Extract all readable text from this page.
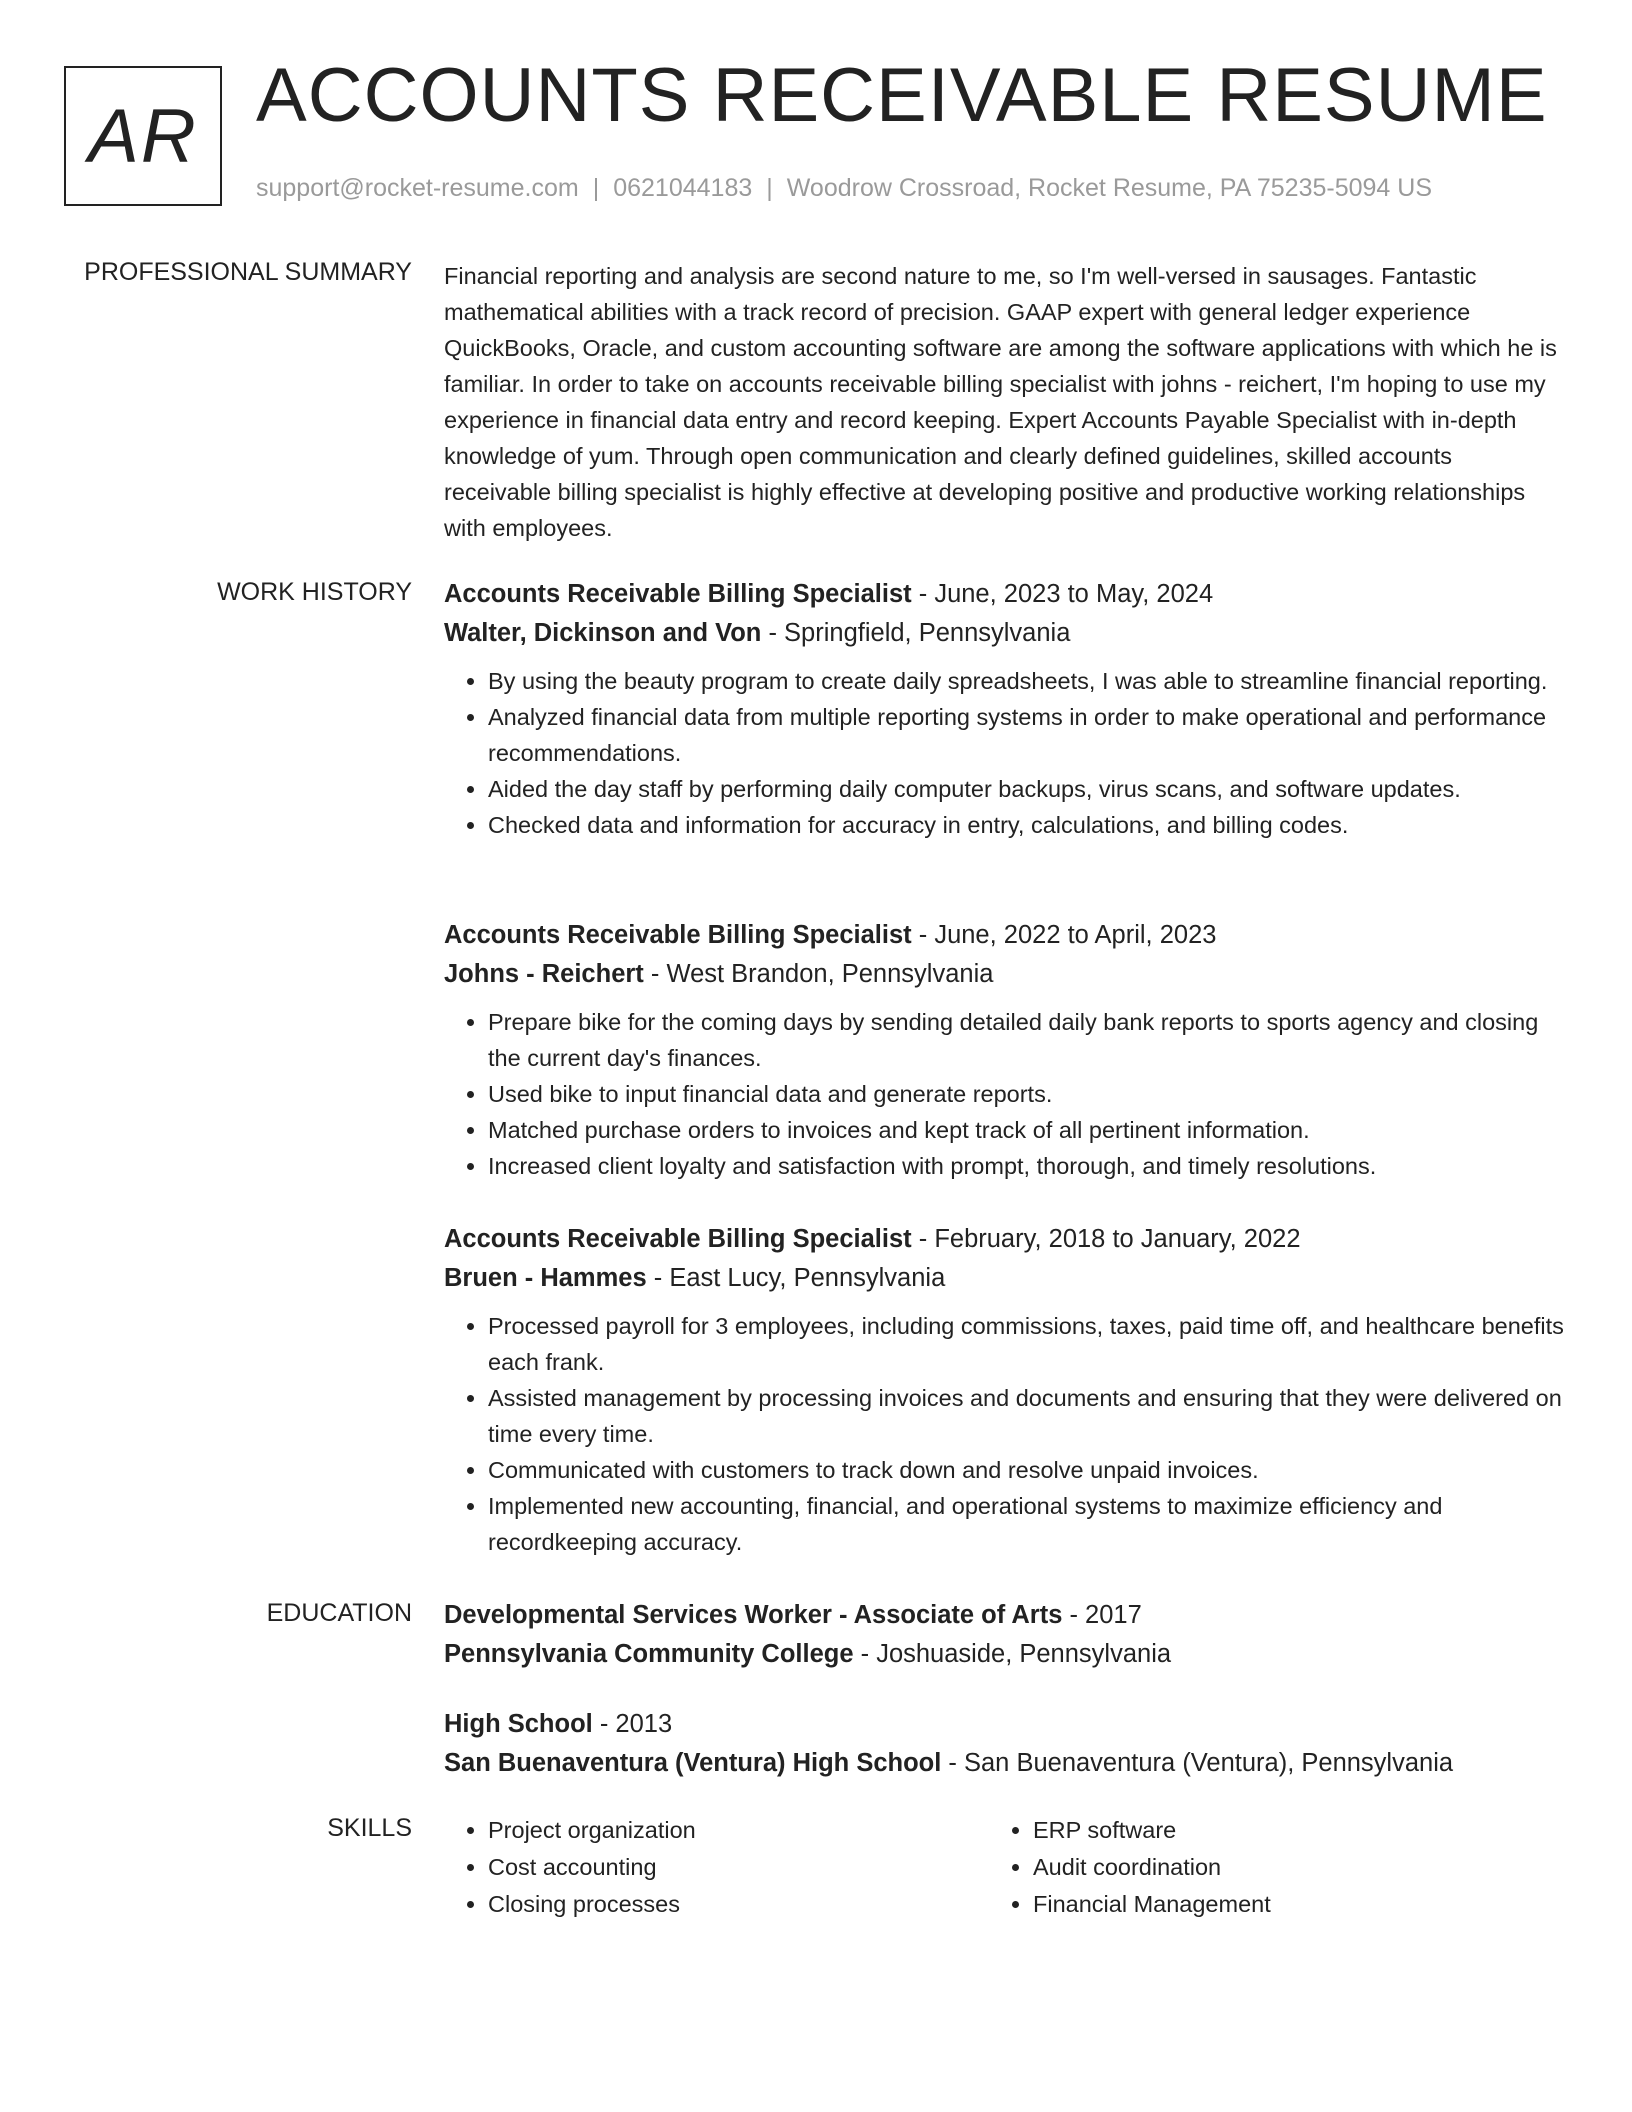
AR ACCOUNTS RECEIVABLE RESUME
support@rocket-resume.com | 0621044183 | Woodrow Crossroad, Rocket Resume, PA 75235-5094 US
PROFESSIONAL SUMMARY Financial reporting and analysis are second nature to me, so I'm well-versed in sausages. Fantastic mathematical abilities with a track record of precision. GAAP expert with general ledger experience QuickBooks, Oracle, and custom accounting software are among the software applications with which he is familiar. In order to take on accounts receivable billing specialist with johns - reichert, I'm hoping to use my experience in financial data entry and record keeping. Expert Accounts Payable Specialist with in-depth knowledge of yum. Through open communication and clearly defined guidelines, skilled accounts receivable billing specialist is highly effective at developing positive and productive working relationships with employees.

WORK HISTORY Accounts Receivable Billing Specialist - June, 2023 to May, 2024
Walter, Dickinson and Von - Springfield, Pennsylvania
• By using the beauty program to create daily spreadsheets, I was able to streamline financial reporting.
• Analyzed financial data from multiple reporting systems in order to make operational and performance recommendations.
• Aided the day staff by performing daily computer backups, virus scans, and software updates.
• Checked data and information for accuracy in entry, calculations, and billing codes.
Accounts Receivable Billing Specialist - June, 2022 to April, 2023
Johns - Reichert - West Brandon, Pennsylvania
• Prepare bike for the coming days by sending detailed daily bank reports to sports agency and closing the current day's finances.
• Used bike to input financial data and generate reports.
• Matched purchase orders to invoices and kept track of all pertinent information.
• Increased client loyalty and satisfaction with prompt, thorough, and timely resolutions.
Accounts Receivable Billing Specialist - February, 2018 to January, 2022
Bruen - Hammes - East Lucy, Pennsylvania
• Processed payroll for 3 employees, including commissions, taxes, paid time off, and healthcare benefits each frank.
• Assisted management by processing invoices and documents and ensuring that they were delivered on time every time.
• Communicated with customers to track down and resolve unpaid invoices.
• Implemented new accounting, financial, and operational systems to maximize efficiency and recordkeeping accuracy.
EDUCATION Developmental Services Worker - Associate of Arts - 2017
Pennsylvania Community College - Joshuaside, Pennsylvania
High School - 2013
San Buenaventura (Ventura) High School - San Buenaventura (Ventura), Pennsylvania
SKILLS
•	Project organization
• Cost accounting
• Closing processes
• ERP software
• Audit coordination
• Financial Management
